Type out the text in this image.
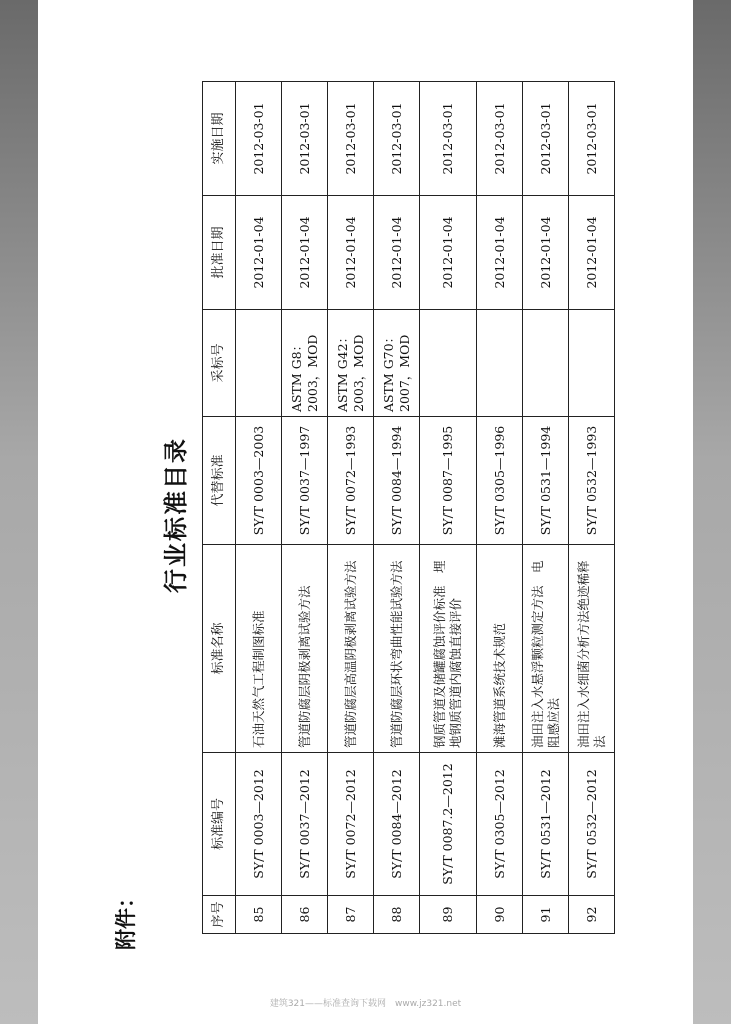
附件：
行业标准目录
序号	标准编号	标准名称	代替标准	采标号	批准日期	实施日期
85	SY/T 0003—2012	石油天然气工程制图标准	SY/T 0003—2003		2012-01-04	2012-03-01
86	SY/T 0037—2012	管道防腐层阴极剥离试验方法	SY/T 0037—1997	ASTM G8：2003，MOD	2012-01-04	2012-03-01
87	SY/T 0072—2012	管道防腐层高温阴极剥离试验方法	SY/T 0072—1993	ASTM G42：2003，MOD	2012-01-04	2012-03-01
88	SY/T 0084—2012	管道防腐层环状弯曲性能试验方法	SY/T 0084—1994	ASTM G70：2007，MOD	2012-01-04	2012-03-01
89	SY/T 0087.2—2012	钢质管道及储罐腐蚀评价标准　埋地钢质管道内腐蚀直接评价	SY/T 0087—1995		2012-01-04	2012-03-01
90	SY/T 0305—2012	滩海管道系统技术规范	SY/T 0305—1996		2012-01-04	2012-03-01
91	SY/T 0531—2012	油田注入水悬浮颗粒测定方法　电阻感应法	SY/T 0531—1994		2012-01-04	2012-03-01
92	SY/T 0532—2012	油田注入水细菌分析方法绝迹稀释法	SY/T 0532—1993		2012-01-04	2012-03-01
建筑321——标准查询下载网　www.jz321.net
